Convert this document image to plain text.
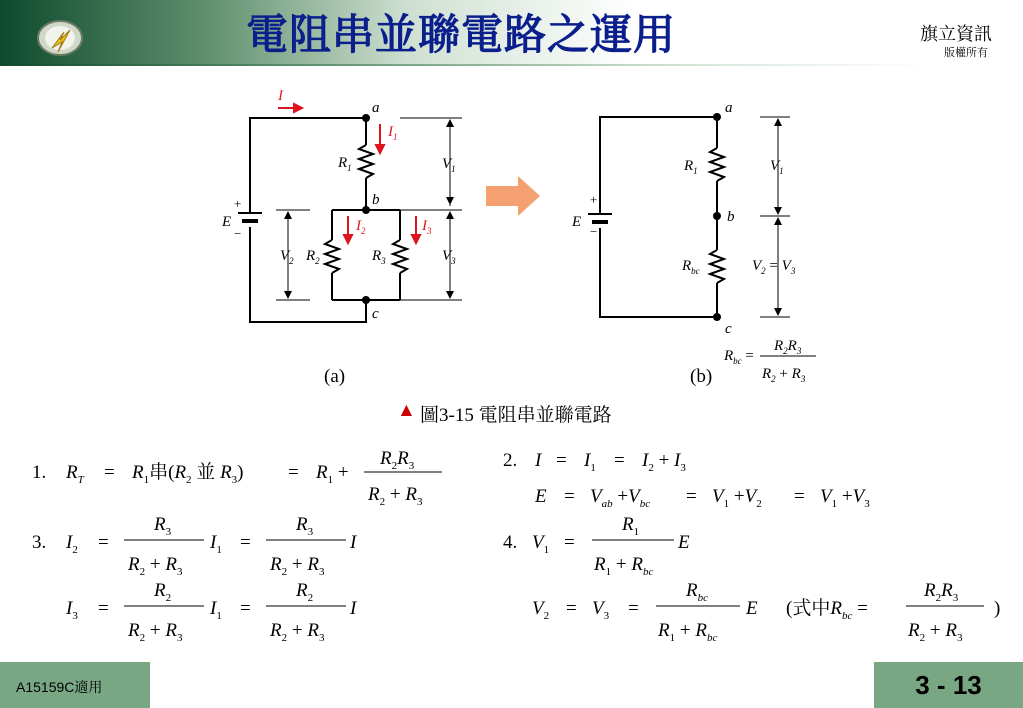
電阻串並聯電路之運用	旗立資訊
版權所有
I
a
$I_1$
$R_1$
b
$I_2$	$I_3$
$R_2$	$R_3$
$V_2$
$V_1$
$V_3$
c
E
+
−
a
$R_1$	$V_1$
b
$R_{bc}$	$V_2 = V_3$
c
E
$R_{bc}$ =
$R_2R_3$
$R_2 + R_3$
+
−
(a)	(b)
▲ 圖3-15 電阻串並聯電路
1. $R_T = R_1$串($R_2$ 並 $R_3) = R_1$ +
$R_2R_3$
$R_2 + R_3$
2. $I = I_1 = I_2 + I_3$
$E = V_{ab} +V_{bc} = V_1 +V_2 = V_1 +V_3$
3. $I_2$ =
$R_3$
$R_2 + R_3$
$I_1$ =
$R_3$
$R_2 + R_3$
I
$I_3$ =
$R_2$
$R_2 + R_3$
$I_1$ =
$R_2$
$R_2 + R_3$
I
4. $V_1$ =
$R_1$
$R_1 + R_{bc}$
E
$V_2 = V_3$ =
$R_{bc}$
$R_1 + R_{bc}$
E (式中$R_{bc}$ =
$R_2R_3$
$R_2 + R_3$
)
A15159C適用	3 - 13
